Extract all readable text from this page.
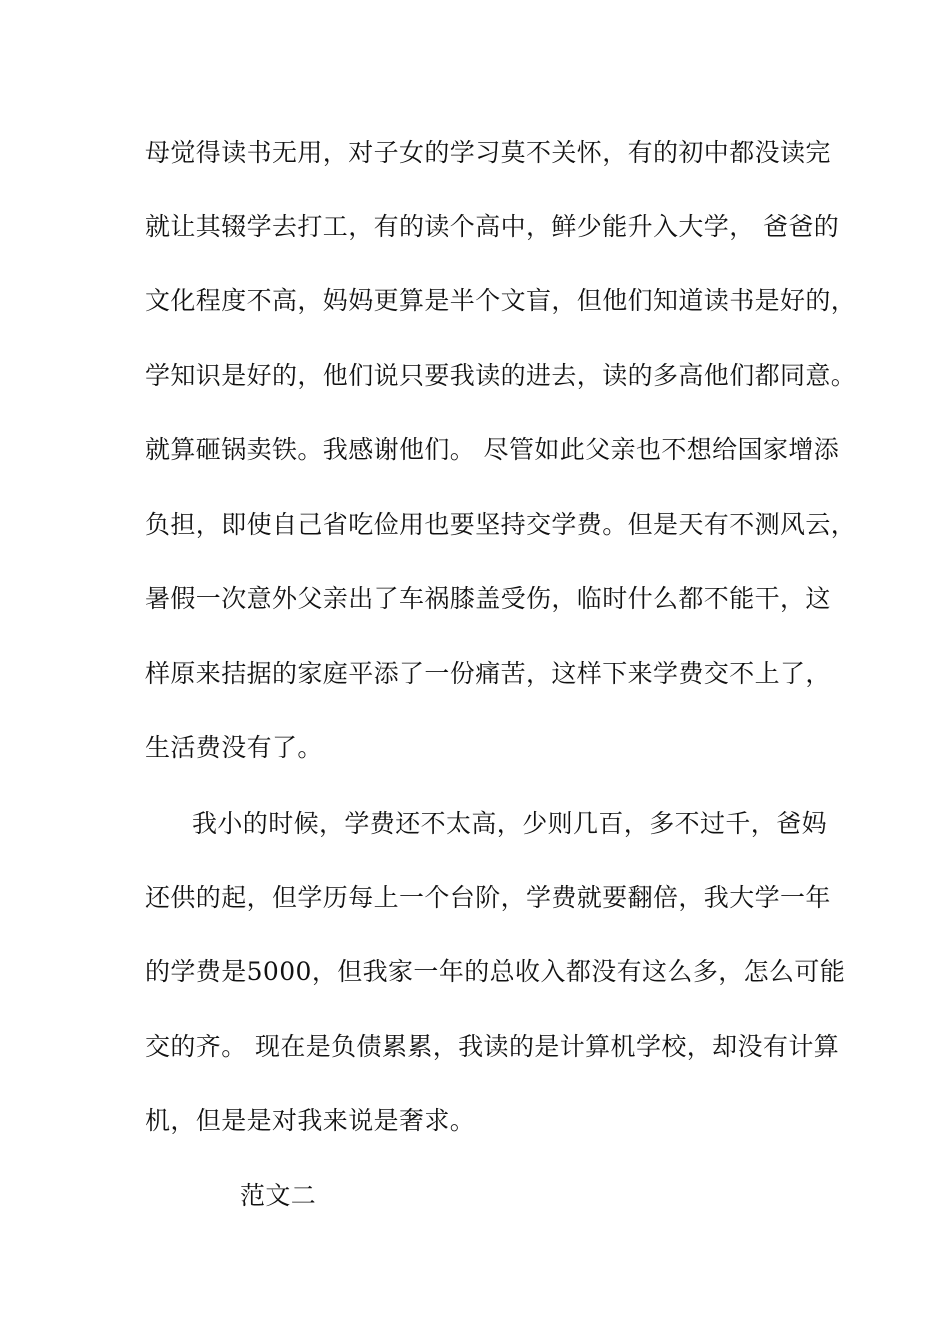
母觉得读书无用，对子女的学习莫不关怀，有的初中都没读完
就让其辍学去打工，有的读个高中，鲜少能升入大学， 爸爸的
文化程度不高，妈妈更算是半个文盲，但他们知道读书是好的，
学知识是好的，他们说只要我读的进去，读的多高他们都同意。
就算砸锅卖铁。我感谢他们。 尽管如此父亲也不想给国家增添
负担，即使自己省吃俭用也要坚持交学费。但是天有不测风云，
暑假一次意外父亲出了车祸膝盖受伤，临时什么都不能干，这
样原来拮据的家庭平添了一份痛苦，这样下来学费交不上了，
生活费没有了。
我小的时候，学费还不太高，少则几百，多不过千，爸妈
还供的起，但学历每上一个台阶，学费就要翻倍，我大学一年
的学费是5000，但我家一年的总收入都没有这么多，怎么可能
交的齐。 现在是负债累累，我读的是计算机学校，却没有计算
机，但是是对我来说是奢求。
范文二
